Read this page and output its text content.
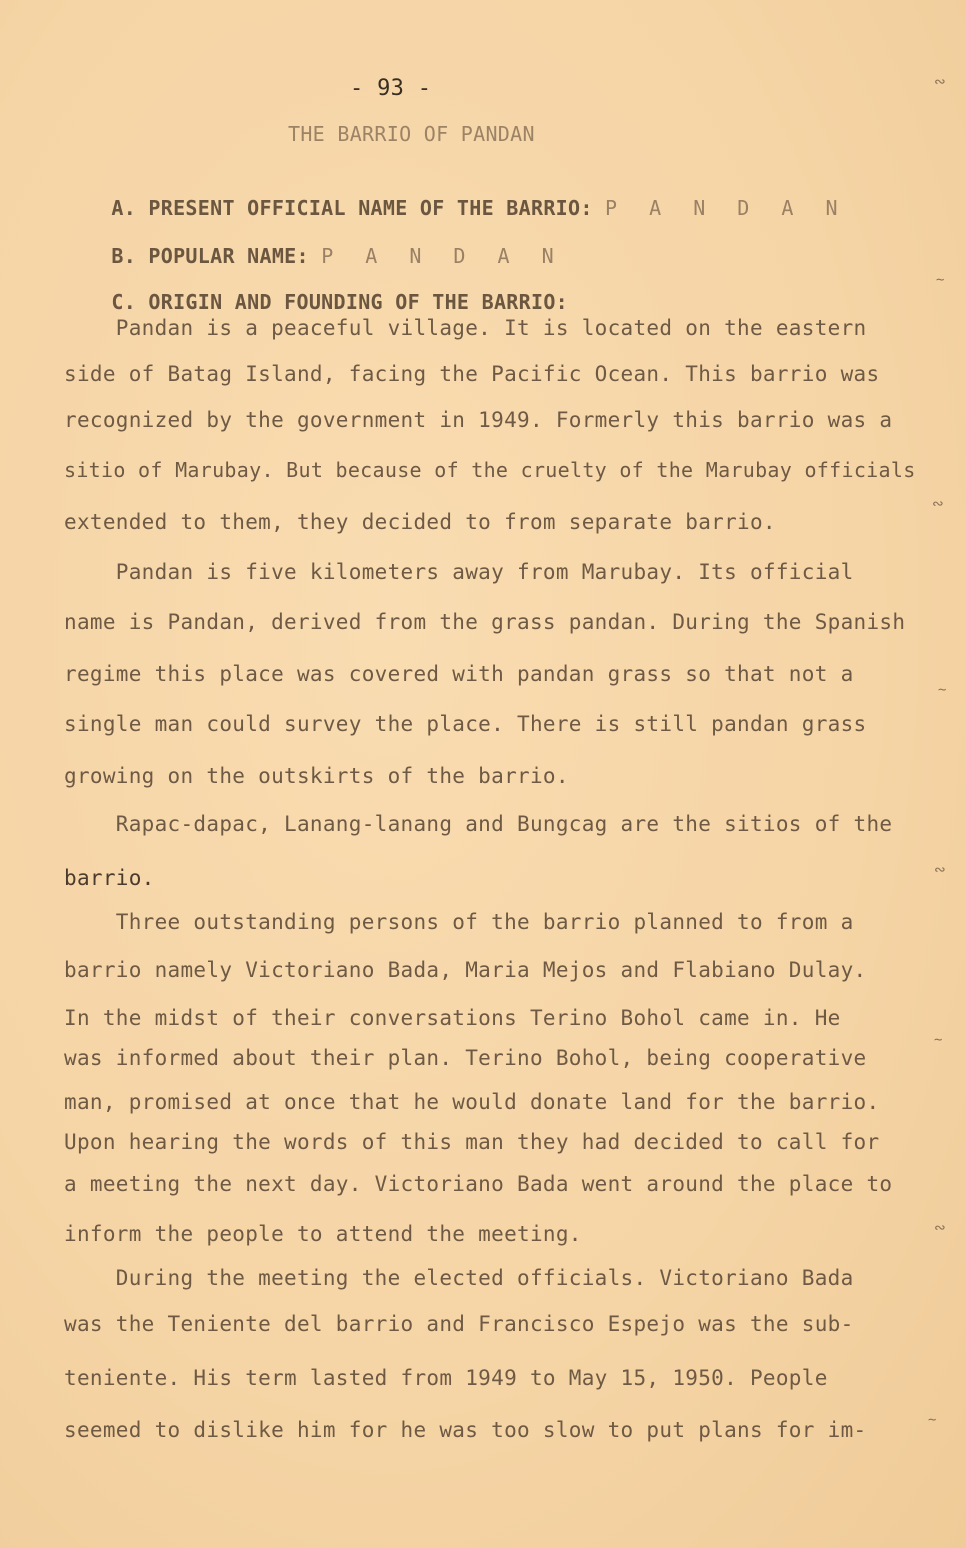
- 93 -
THE BARRIO OF PANDAN

A. PRESENT OFFICIAL NAME OF THE BARRIO: P A N D A N

B. POPULAR NAME: P A N D A N

C. ORIGIN AND FOUNDING OF THE BARRIO:

Pandan is a peaceful village. It is located on the eastern
side of Batag Island, facing the Pacific Ocean. This barrio was
recognized by the government in 1949. Formerly this barrio was a
sitio of Marubay. But because of the cruelty of the Marubay officials
extended to them, they decided to from separate barrio.
Pandan is five kilometers away from Marubay. Its official
name is Pandan, derived from the grass pandan. During the Spanish
regime this place was covered with pandan grass so that not a
single man could survey the place. There is still pandan grass
growing on the outskirts of the barrio.
Rapac-dapac, Lanang-lanang and Bungcag are the sitios of the
barrio.
Three outstanding persons of the barrio planned to from a
barrio namely Victoriano Bada, Maria Mejos and Flabiano Dulay.
In the midst of their conversations Terino Bohol came in. He
was informed about their plan. Terino Bohol, being cooperative
man, promised at once that he would donate land for the barrio.
Upon hearing the words of this man they had decided to call for
a meeting the next day. Victoriano Bada went around the place to
inform the people to attend the meeting.
During the meeting the elected officials. Victoriano Bada
was the Teniente del barrio and Francisco Espejo was the sub-
teniente. His term lasted from 1949 to May 15, 1950. People
seemed to dislike him for he was too slow to put plans for im-
∾
∼
∾
∼
∾
∼
∾
∼
